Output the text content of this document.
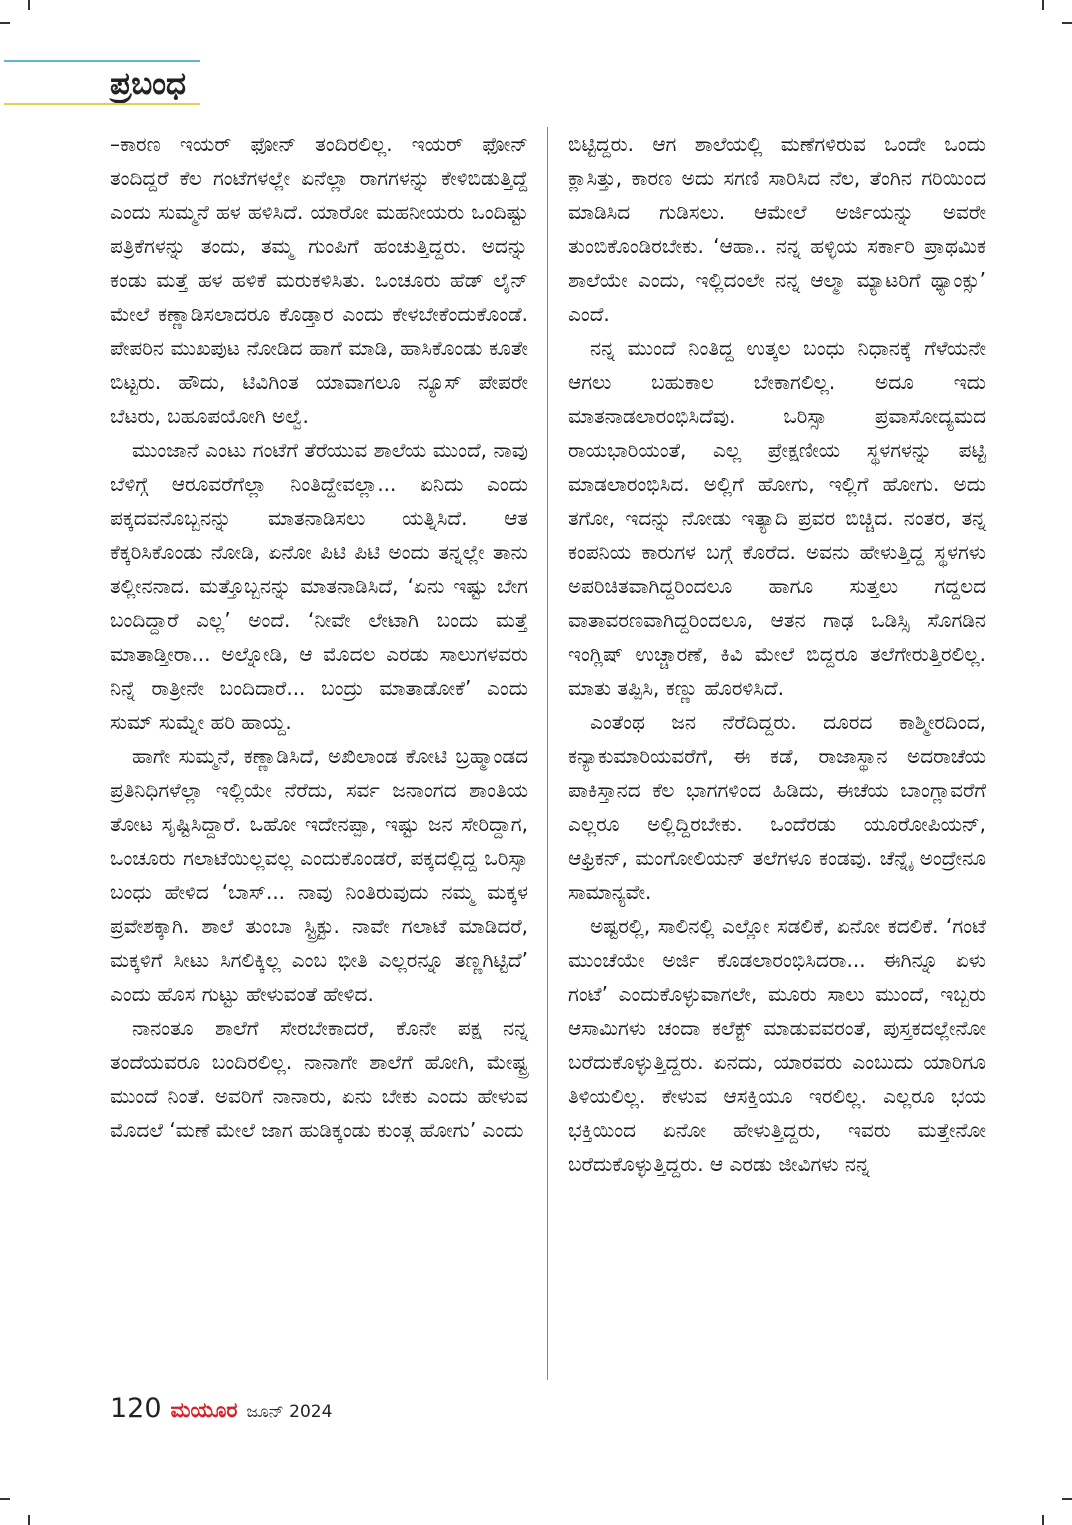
ಪ್ರಬಂಧ

–ಕಾರಣ ಇಯರ್ ಫೋನ್ ತಂದಿರಲಿಲ್ಲ. ಇಯರ್ ಫೋನ್ ತಂದಿದ್ದರೆ ಕೆಲ ಗಂಟೆಗಳಲ್ಲೇ ಏನೆಲ್ಲಾ ರಾಗಗಳನ್ನು ಕೇಳಿಬಿಡುತ್ತಿದ್ದೆ ಎಂದು ಸುಮ್ಮನೆ ಹಳ ಹಳಿಸಿದೆ. ಯಾರೋ ಮಹನೀಯರು ಒಂದಿಷ್ಟು ಪತ್ರಿಕೆಗಳನ್ನು ತಂದು, ತಮ್ಮ ಗುಂಪಿಗೆ ಹಂಚುತ್ತಿದ್ದರು. ಅದನ್ನು ಕಂಡು ಮತ್ತೆ ಹಳ ಹಳಿಕೆ ಮರುಕಳಿಸಿತು. ಒಂಚೂರು ಹೆಡ್ ಲೈನ್ ಮೇಲೆ ಕಣ್ಣಾಡಿಸಲಾದರೂ ಕೊಡ್ತಾರ ಎಂದು ಕೇಳಬೇಕೆಂದುಕೊಂಡೆ. ಪೇಪರಿನ ಮುಖಪುಟ ನೋಡಿದ ಹಾಗೆ ಮಾಡಿ, ಹಾಸಿಕೊಂಡು ಕೂತೇ ಬಿಟ್ಟರು. ಹೌದು, ಟಿವಿಗಿಂತ ಯಾವಾಗಲೂ ನ್ಯೂಸ್ ಪೇಪರೇ ಬೆಟರು, ಬಹೂಪಯೋಗಿ ಅಲ್ವೆ.

ಮುಂಜಾನೆ ಎಂಟು ಗಂಟೆಗೆ ತೆರೆಯುವ ಶಾಲೆಯ ಮುಂದೆ, ನಾವು ಬೆಳಿಗ್ಗೆ ಆರೂವರೆಗೆಲ್ಲಾ ನಿಂತಿದ್ದೇವಲ್ಲಾ... ಏನಿದು ಎಂದು ಪಕ್ಕದವನೊಬ್ಬನನ್ನು ಮಾತನಾಡಿಸಲು ಯತ್ನಿಸಿದೆ. ಆತ ಕೆಕ್ಕರಿಸಿಕೊಂಡು ನೋಡಿ, ಏನೋ ಪಿಟಿ ಪಿಟಿ ಅಂದು ತನ್ನಲ್ಲೇ ತಾನು ತಲ್ಲೀನನಾದ. ಮತ್ತೊಬ್ಬನನ್ನು ಮಾತನಾಡಿಸಿದೆ, ‘ಏನು ಇಷ್ಟು ಬೇಗ ಬಂದಿದ್ದಾರೆ ಎಲ್ಲ’ ಅಂದೆ. ‘ನೀವೇ ಲೇಟಾಗಿ ಬಂದು ಮತ್ತೆ ಮಾತಾಡ್ತೀರಾ... ಅಲ್ನೋಡಿ, ಆ ಮೊದಲ ಎರಡು ಸಾಲುಗಳವರು ನಿನ್ನೆ ರಾತ್ರೀನೇ ಬಂದಿದಾರೆ... ಬಂದ್ರು ಮಾತಾಡೋಕೆ’ ಎಂದು ಸುಮ್ ಸುಮ್ನೇ ಹರಿ ಹಾಯ್ದ.

ಹಾಗೇ ಸುಮ್ಮನೆ, ಕಣ್ಣಾಡಿಸಿದೆ, ಅಖಿಲಾಂಡ ಕೋಟಿ ಬ್ರಹ್ಮಾಂಡದ ಪ್ರತಿನಿಧಿಗಳೆಲ್ಲಾ ಇಲ್ಲಿಯೇ ನೆರೆದು, ಸರ್ವ ಜನಾಂಗದ ಶಾಂತಿಯ ತೋಟ ಸೃಷ್ಟಿಸಿದ್ದಾರೆ. ಒಹೋ ಇದೇನಪ್ಪಾ, ಇಷ್ಟು ಜನ ಸೇರಿದ್ದಾಗ, ಒಂಚೂರು ಗಲಾಟೆಯಿಲ್ಲವಲ್ಲ ಎಂದುಕೊಂಡರೆ, ಪಕ್ಕದಲ್ಲಿದ್ದ ಒರಿಸ್ಸಾ ಬಂಧು ಹೇಳಿದ ‘ಬಾಸ್... ನಾವು ನಿಂತಿರುವುದು ನಮ್ಮ ಮಕ್ಕಳ ಪ್ರವೇಶಕ್ಕಾಗಿ. ಶಾಲೆ ತುಂಬಾ ಸ್ಟ್ರಿಕ್ಟು. ನಾವೇ ಗಲಾಟೆ ಮಾಡಿದರೆ, ಮಕ್ಕಳಿಗೆ ಸೀಟು ಸಿಗಲಿಕ್ಕಿಲ್ಲ ಎಂಬ ಭೀತಿ ಎಲ್ಲರನ್ನೂ ತಣ್ಣಗಿಟ್ಟಿದೆ’ ಎಂದು ಹೊಸ ಗುಟ್ಟು ಹೇಳುವಂತೆ ಹೇಳಿದ.

ನಾನಂತೂ ಶಾಲೆಗೆ ಸೇರಬೇಕಾದರೆ, ಕೊನೇ ಪಕ್ಷ ನನ್ನ ತಂದೆಯವರೂ ಬಂದಿರಲಿಲ್ಲ. ನಾನಾಗೇ ಶಾಲೆಗೆ ಹೋಗಿ, ಮೇಷ್ಟ್ರ ಮುಂದೆ ನಿಂತೆ. ಅವರಿಗೆ ನಾನಾರು, ಏನು ಬೇಕು ಎಂದು ಹೇಳುವ ಮೊದಲೆ ‘ಮಣೆ ಮೇಲೆ ಜಾಗ ಹುಡಿಕ್ಕಂಡು ಕುಂತ್ಗ ಹೋಗು’ ಎಂದು

ಬಿಟ್ಟಿದ್ದರು. ಆಗ ಶಾಲೆಯಲ್ಲಿ ಮಣೆಗಳಿರುವ ಒಂದೇ ಒಂದು ಕ್ಲಾಸಿತ್ತು, ಕಾರಣ ಅದು ಸಗಣಿ ಸಾರಿಸಿದ ನೆಲ, ತೆಂಗಿನ ಗರಿಯಿಂದ ಮಾಡಿಸಿದ ಗುಡಿಸಲು. ಆಮೇಲೆ ಅರ್ಜಿಯನ್ನು ಅವರೇ ತುಂಬಿಕೊಂಡಿರಬೇಕು. ‘ಆಹಾ.. ನನ್ನ ಹಳ್ಳಿಯ ಸರ್ಕಾರಿ ಪ್ರಾಥಮಿಕ ಶಾಲೆಯೇ ಎಂದು, ಇಲ್ಲಿದಂಲೇ ನನ್ನ ಆಲ್ಮಾ ಮ್ಯಾಟರಿಗೆ ಥ್ಯಾಂಕ್ಸು’ ಎಂದೆ.

ನನ್ನ ಮುಂದೆ ನಿಂತಿದ್ದ ಉತ್ಕಲ ಬಂಧು ನಿಧಾನಕ್ಕೆ ಗೆಳೆಯನೇ ಆಗಲು ಬಹುಕಾಲ ಬೇಕಾಗಲಿಲ್ಲ. ಅದೂ ಇದು ಮಾತನಾಡಲಾರಂಭಿಸಿದೆವು. ಒರಿಸ್ಸಾ ಪ್ರವಾಸೋದ್ಯಮದ ರಾಯಭಾರಿಯಂತೆ, ಎಲ್ಲ ಪ್ರೇಕ್ಷಣೀಯ ಸ್ಥಳಗಳನ್ನು ಪಟ್ಟಿ ಮಾಡಲಾರಂಭಿಸಿದ. ಅಲ್ಲಿಗೆ ಹೋಗು, ಇಲ್ಲಿಗೆ ಹೋಗು. ಅದು ತಗೋ, ಇದನ್ನು ನೋಡು ಇತ್ಯಾದಿ ಪ್ರವರ ಬಿಚ್ಚಿದ. ನಂತರ, ತನ್ನ ಕಂಪನಿಯ ಕಾರುಗಳ ಬಗ್ಗೆ ಕೊರೆದ. ಅವನು ಹೇಳುತ್ತಿದ್ದ ಸ್ಥಳಗಳು ಅಪರಿಚಿತವಾಗಿದ್ದರಿಂದಲೂ ಹಾಗೂ ಸುತ್ತಲು ಗದ್ದಲದ ವಾತಾವರಣವಾಗಿದ್ದರಿಂದಲೂ, ಆತನ ಗಾಢ ಒಡಿಸ್ಸಿ ಸೊಗಡಿನ ಇಂಗ್ಲಿಷ್ ಉಚ್ಚಾರಣೆ, ಕಿವಿ ಮೇಲೆ ಬಿದ್ದರೂ ತಲೆಗೇರುತ್ತಿರಲಿಲ್ಲ. ಮಾತು ತಪ್ಪಿಸಿ, ಕಣ್ಣು ಹೊರಳಿಸಿದೆ.

ಎಂತೆಂಥ ಜನ ನೆರೆದಿದ್ದರು. ದೂರದ ಕಾಶ್ಮೀರದಿಂದ, ಕನ್ಯಾಕುಮಾರಿಯವರೆಗೆ, ಈ ಕಡೆ, ರಾಜಾಸ್ಥಾನ ಅದರಾಚೆಯ ಪಾಕಿಸ್ತಾನದ ಕೆಲ ಭಾಗಗಳಿಂದ ಹಿಡಿದು, ಈಚೆಯ ಬಾಂಗ್ಲಾವರೆಗೆ ಎಲ್ಲರೂ ಅಲ್ಲಿದ್ದಿರಬೇಕು. ಒಂದೆರಡು ಯೂರೋಪಿಯನ್, ಆಫ್ರಿಕನ್, ಮಂಗೋಲಿಯನ್ ತಲೆಗಳೂ ಕಂಡವು. ಚೆನ್ನೈ ಅಂದ್ರೇನೂ ಸಾಮಾನ್ಯವೇ.

ಅಷ್ಟರಲ್ಲಿ, ಸಾಲಿನಲ್ಲಿ ಎಲ್ಲೋ ಸಡಲಿಕೆ, ಏನೋ ಕದಲಿಕೆ. ‘ಗಂಟೆ ಮುಂಚೆಯೇ ಅರ್ಜಿ ಕೊಡಲಾರಂಭಿಸಿದರಾ... ಈಗಿನ್ನೂ ಏಳು ಗಂಟೆ’ ಎಂದುಕೊಳ್ಳುವಾಗಲೇ, ಮೂರು ಸಾಲು ಮುಂದೆ, ಇಬ್ಬರು ಆಸಾಮಿಗಳು ಚಂದಾ ಕಲೆಕ್ಟ್ ಮಾಡುವವರಂತೆ, ಪುಸ್ತಕದಲ್ಲೇನೋ ಬರೆದುಕೊಳ್ಳುತ್ತಿದ್ದರು. ಏನದು, ಯಾರವರು ಎಂಬುದು ಯಾರಿಗೂ ತಿಳಿಯಲಿಲ್ಲ. ಕೇಳುವ ಆಸಕ್ತಿಯೂ ಇರಲಿಲ್ಲ. ಎಲ್ಲರೂ ಭಯ ಭಕ್ತಿಯಿಂದ ಏನೋ ಹೇಳುತ್ತಿದ್ದರು, ಇವರು ಮತ್ತೇನೋ ಬರೆದುಕೊಳ್ಳುತ್ತಿದ್ದರು. ಆ ಎರಡು ಜೀವಿಗಳು ನನ್ನ

120 ಮಯೂರ ಜೂನ್ 2024
